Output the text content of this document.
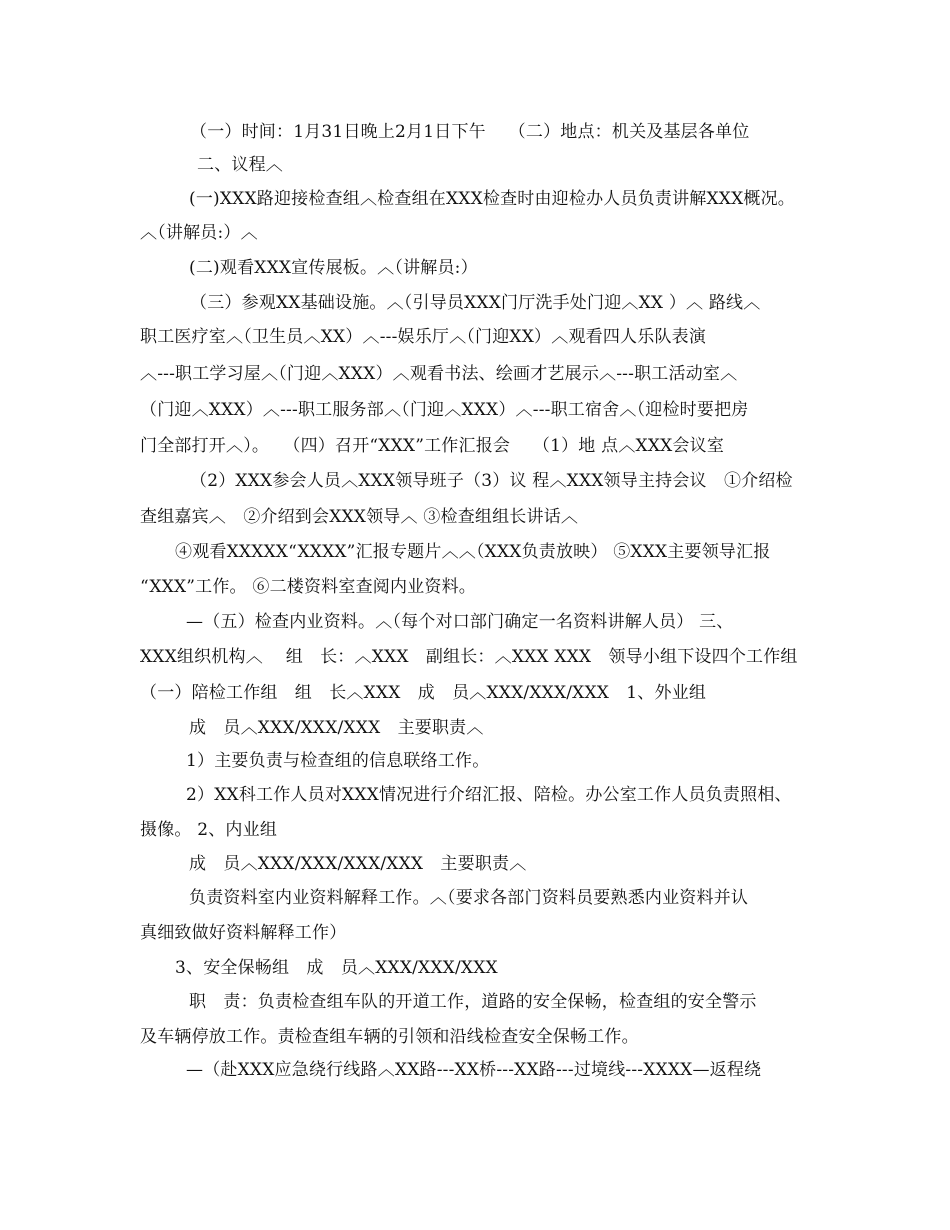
（一）时间：1月31日晚上2月1日下午　 （二）地点：机关及基层各单位
二、议程︿
(一)XXX路迎接检查组︿检查组在XXX检查时由迎检办人员负责讲解XXX概况。
︿（讲解员:）︿
(二)观看XXX宣传展板。︿（讲解员:）
（三）参观XX基础设施。︿（引导员XXX门厅洗手处门迎︿XX ）︿ 路线︿
职工医疗室︿（卫生员︿XX）︿---娱乐厅︿（门迎XX）︿观看四人乐队表演
︿---职工学习屋︿（门迎︿XXX）︿观看书法、绘画才艺展示︿---职工活动室︿
（门迎︿XXX）︿---职工服务部︿（门迎︿XXX）︿---职工宿舍︿（迎检时要把房
门全部打开︿）。　 （四）召开“XXX”工作汇报会　 （1）地 点︿XXX会议室
（2）XXX参会人员︿XXX领导班子（3）议 程︿XXX领导主持会议　①介绍检
查组嘉宾︿　②介绍到会XXX领导︿ ③检查组组长讲话︿
④观看XXXXX“XXXX”汇报专题片︿︿（XXX负责放映） ⑤XXX主要领导汇报
“XXX”工作。 ⑥二楼资料室查阅内业资料。
—（五）检查内业资料。︿（每个对口部门确定一名资料讲解人员） 三、
XXX组织机构︿　 组　长：︿XXX　副组长：︿XXX XXX　领导小组下设四个工作组
（一）陪检工作组　组　长︿XXX　成　员︿XXX/XXX/XXX　1、外业组
成　员︿XXX/XXX/XXX　主要职责︿
1）主要负责与检查组的信息联络工作。
2）XX科工作人员对XXX情况进行介绍汇报、陪检。办公室工作人员负责照相、
摄像。 2、内业组
成　员︿XXX/XXX/XXX/XXX　主要职责︿
负责资料室内业资料解释工作。︿（要求各部门资料员要熟悉内业资料并认
真细致做好资料解释工作）
3、安全保畅组　成　员︿XXX/XXX/XXX
职　责：负责检查组车队的开道工作，道路的安全保畅，检查组的安全警示
及车辆停放工作。责检查组车辆的引领和沿线检查安全保畅工作。
—（赴XXX应急绕行线路︿XX路---XX桥---XX路---过境线---XXXX—返程绕
